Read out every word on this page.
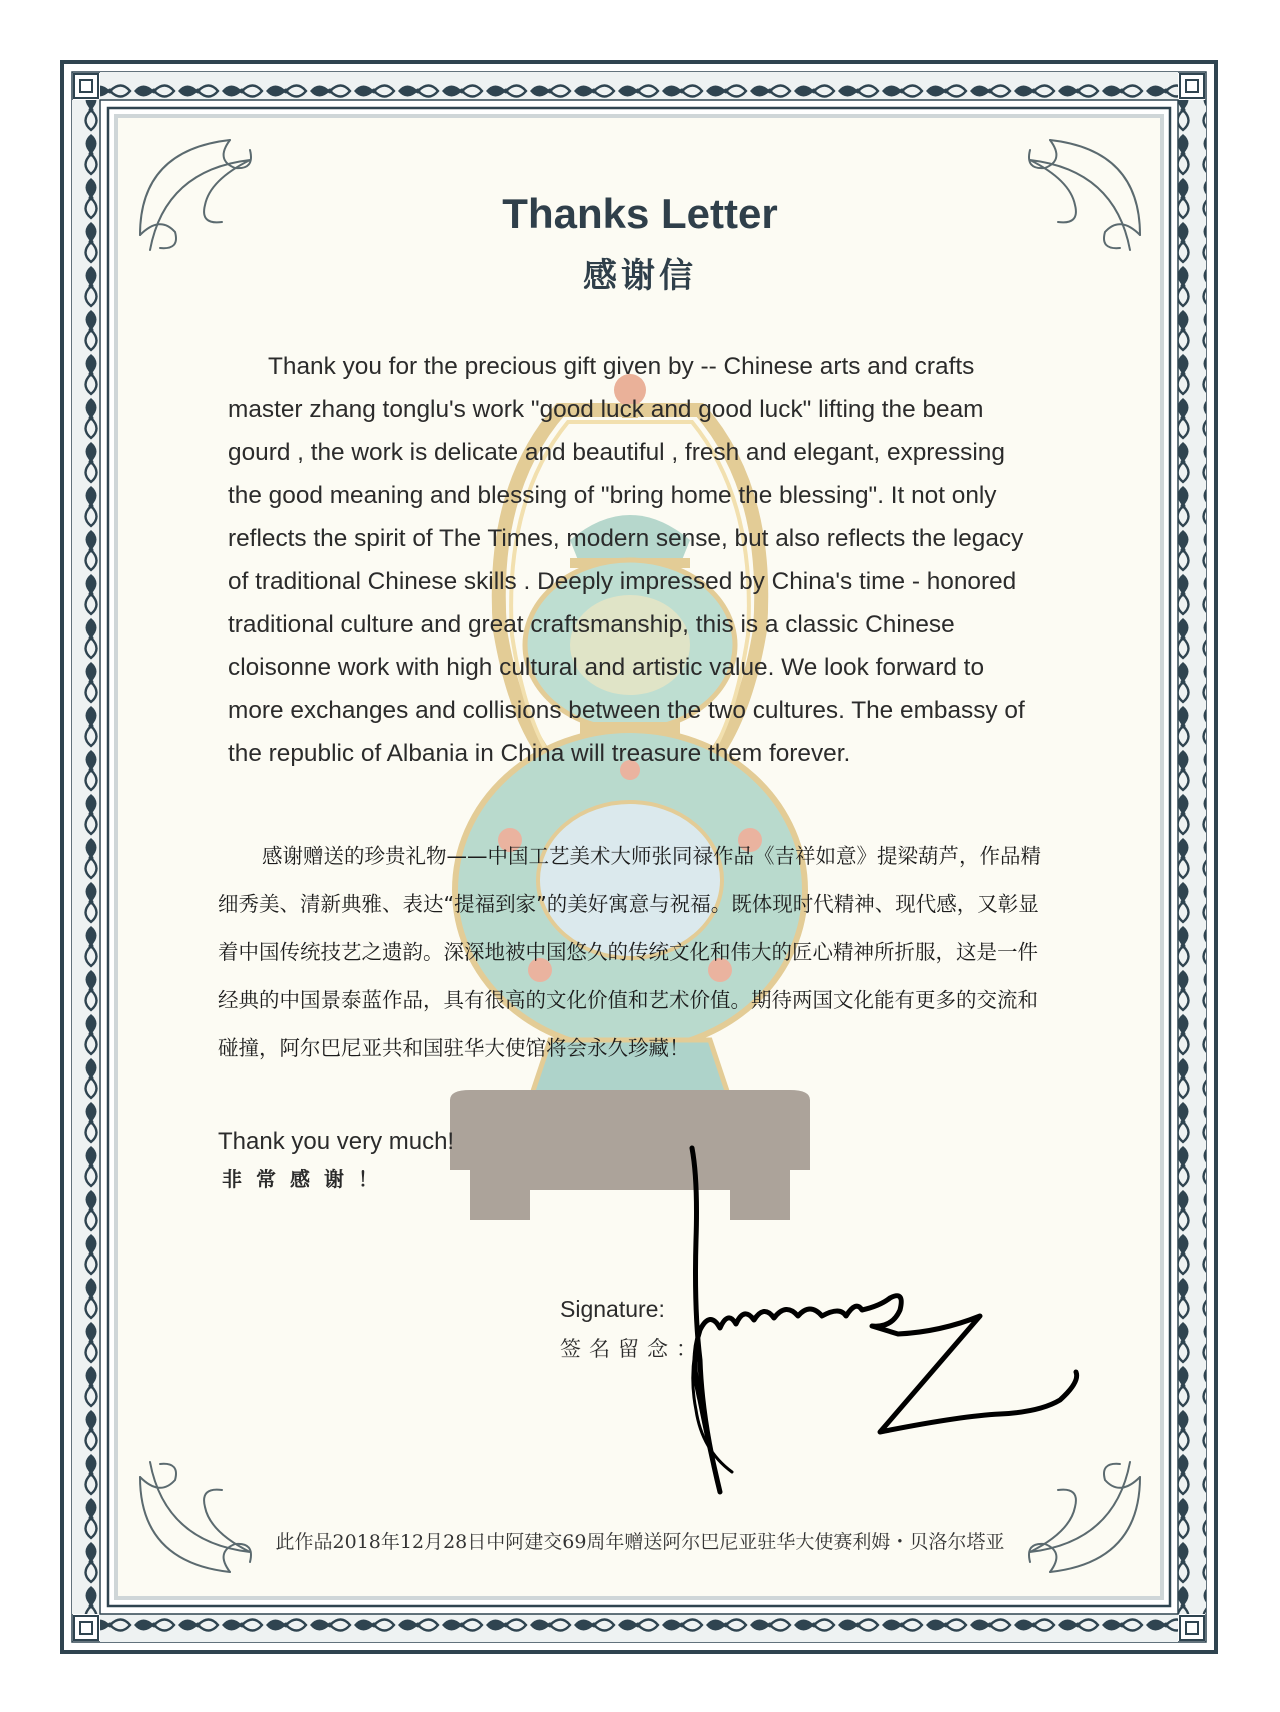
Thanks Letter
感谢信

Thank you for the precious gift given by -- Chinese arts and crafts master zhang tonglu's work "good luck and good luck" lifting the beam gourd , the work is delicate and beautiful , fresh and elegant, expressing the good meaning and blessing of "bring home the blessing". It not only reflects the spirit of The Times, modern sense, but also reflects the legacy of traditional Chinese skills . Deeply impressed by China's time - honored traditional culture and great craftsmanship, this is a classic Chinese cloisonne work with high cultural and artistic value. We look forward to more exchanges and collisions between the two cultures. The embassy of the republic of Albania in China will treasure them forever.

感谢赠送的珍贵礼物——中国工艺美术大师张同禄作品《吉祥如意》提梁葫芦，作品精细秀美、清新典雅、表达“提福到家”的美好寓意与祝福。既体现时代精神、现代感，又彰显着中国传统技艺之遗韵。深深地被中国悠久的传统文化和伟大的匠心精神所折服，这是一件经典的中国景泰蓝作品，具有很高的文化价值和艺术价值。期待两国文化能有更多的交流和碰撞，阿尔巴尼亚共和国驻华大使馆将会永久珍藏！

Thank you very much!
非常感谢！
Signature:
签名留念：
此作品2018年12月28日中阿建交69周年赠送阿尔巴尼亚驻华大使赛利姆・贝洛尔塔亚
